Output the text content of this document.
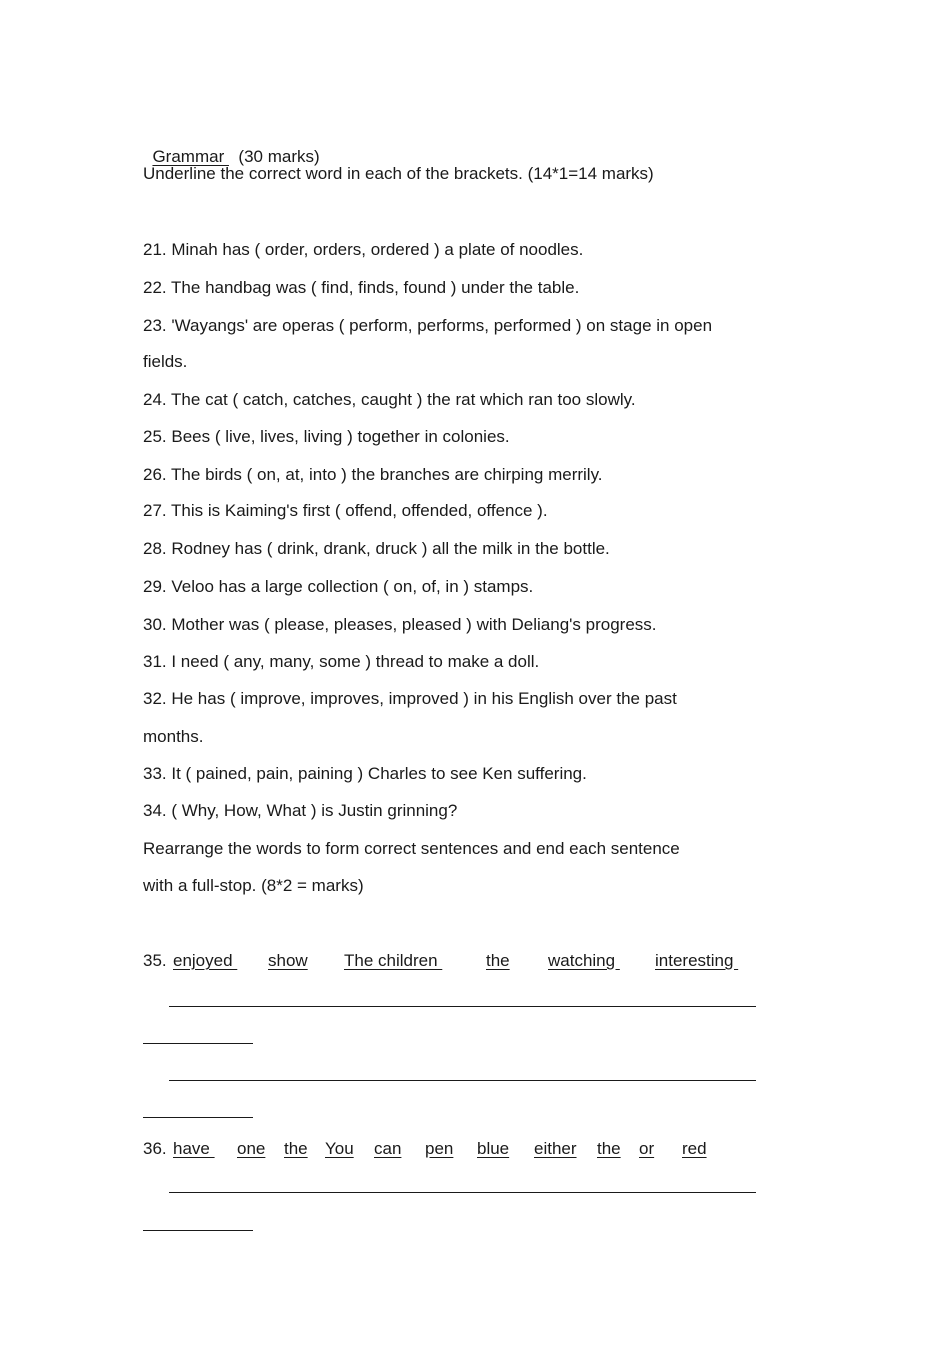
Grammar   (30 marks)

Underline the correct word in each of the brackets. (14*1=14 marks)
21. Minah has ( order, orders, ordered ) a plate of noodles.
22. The handbag was ( find, finds, found ) under the table.
23. 'Wayangs' are operas ( perform, performs, performed ) on stage in open
fields.
24. The cat ( catch, catches, caught ) the rat which ran too slowly.
25. Bees ( live, lives, living ) together in colonies.
26. The birds ( on, at, into ) the branches are chirping merrily.
27. This is Kaiming's first ( offend, offended, offence ).
28. Rodney has ( drink, drank, druck ) all the milk in the bottle.
29. Veloo has a large collection ( on, of, in ) stamps.
30. Mother was ( please, pleases, pleased ) with Deliang's progress.
31. I need ( any, many, some ) thread to make a doll.
32. He has ( improve, improves, improved ) in his English over the past
months.
33. It ( pained, pain, paining ) Charles to see Ken suffering.
34. ( Why, How, What ) is Justin grinning?
Rearrange the words to form correct sentences and end each sentence
with a full-stop. (8*2 = marks)
35. enjoyed show The children	the watching interesting
36. have one the You can pen blue either the or red
